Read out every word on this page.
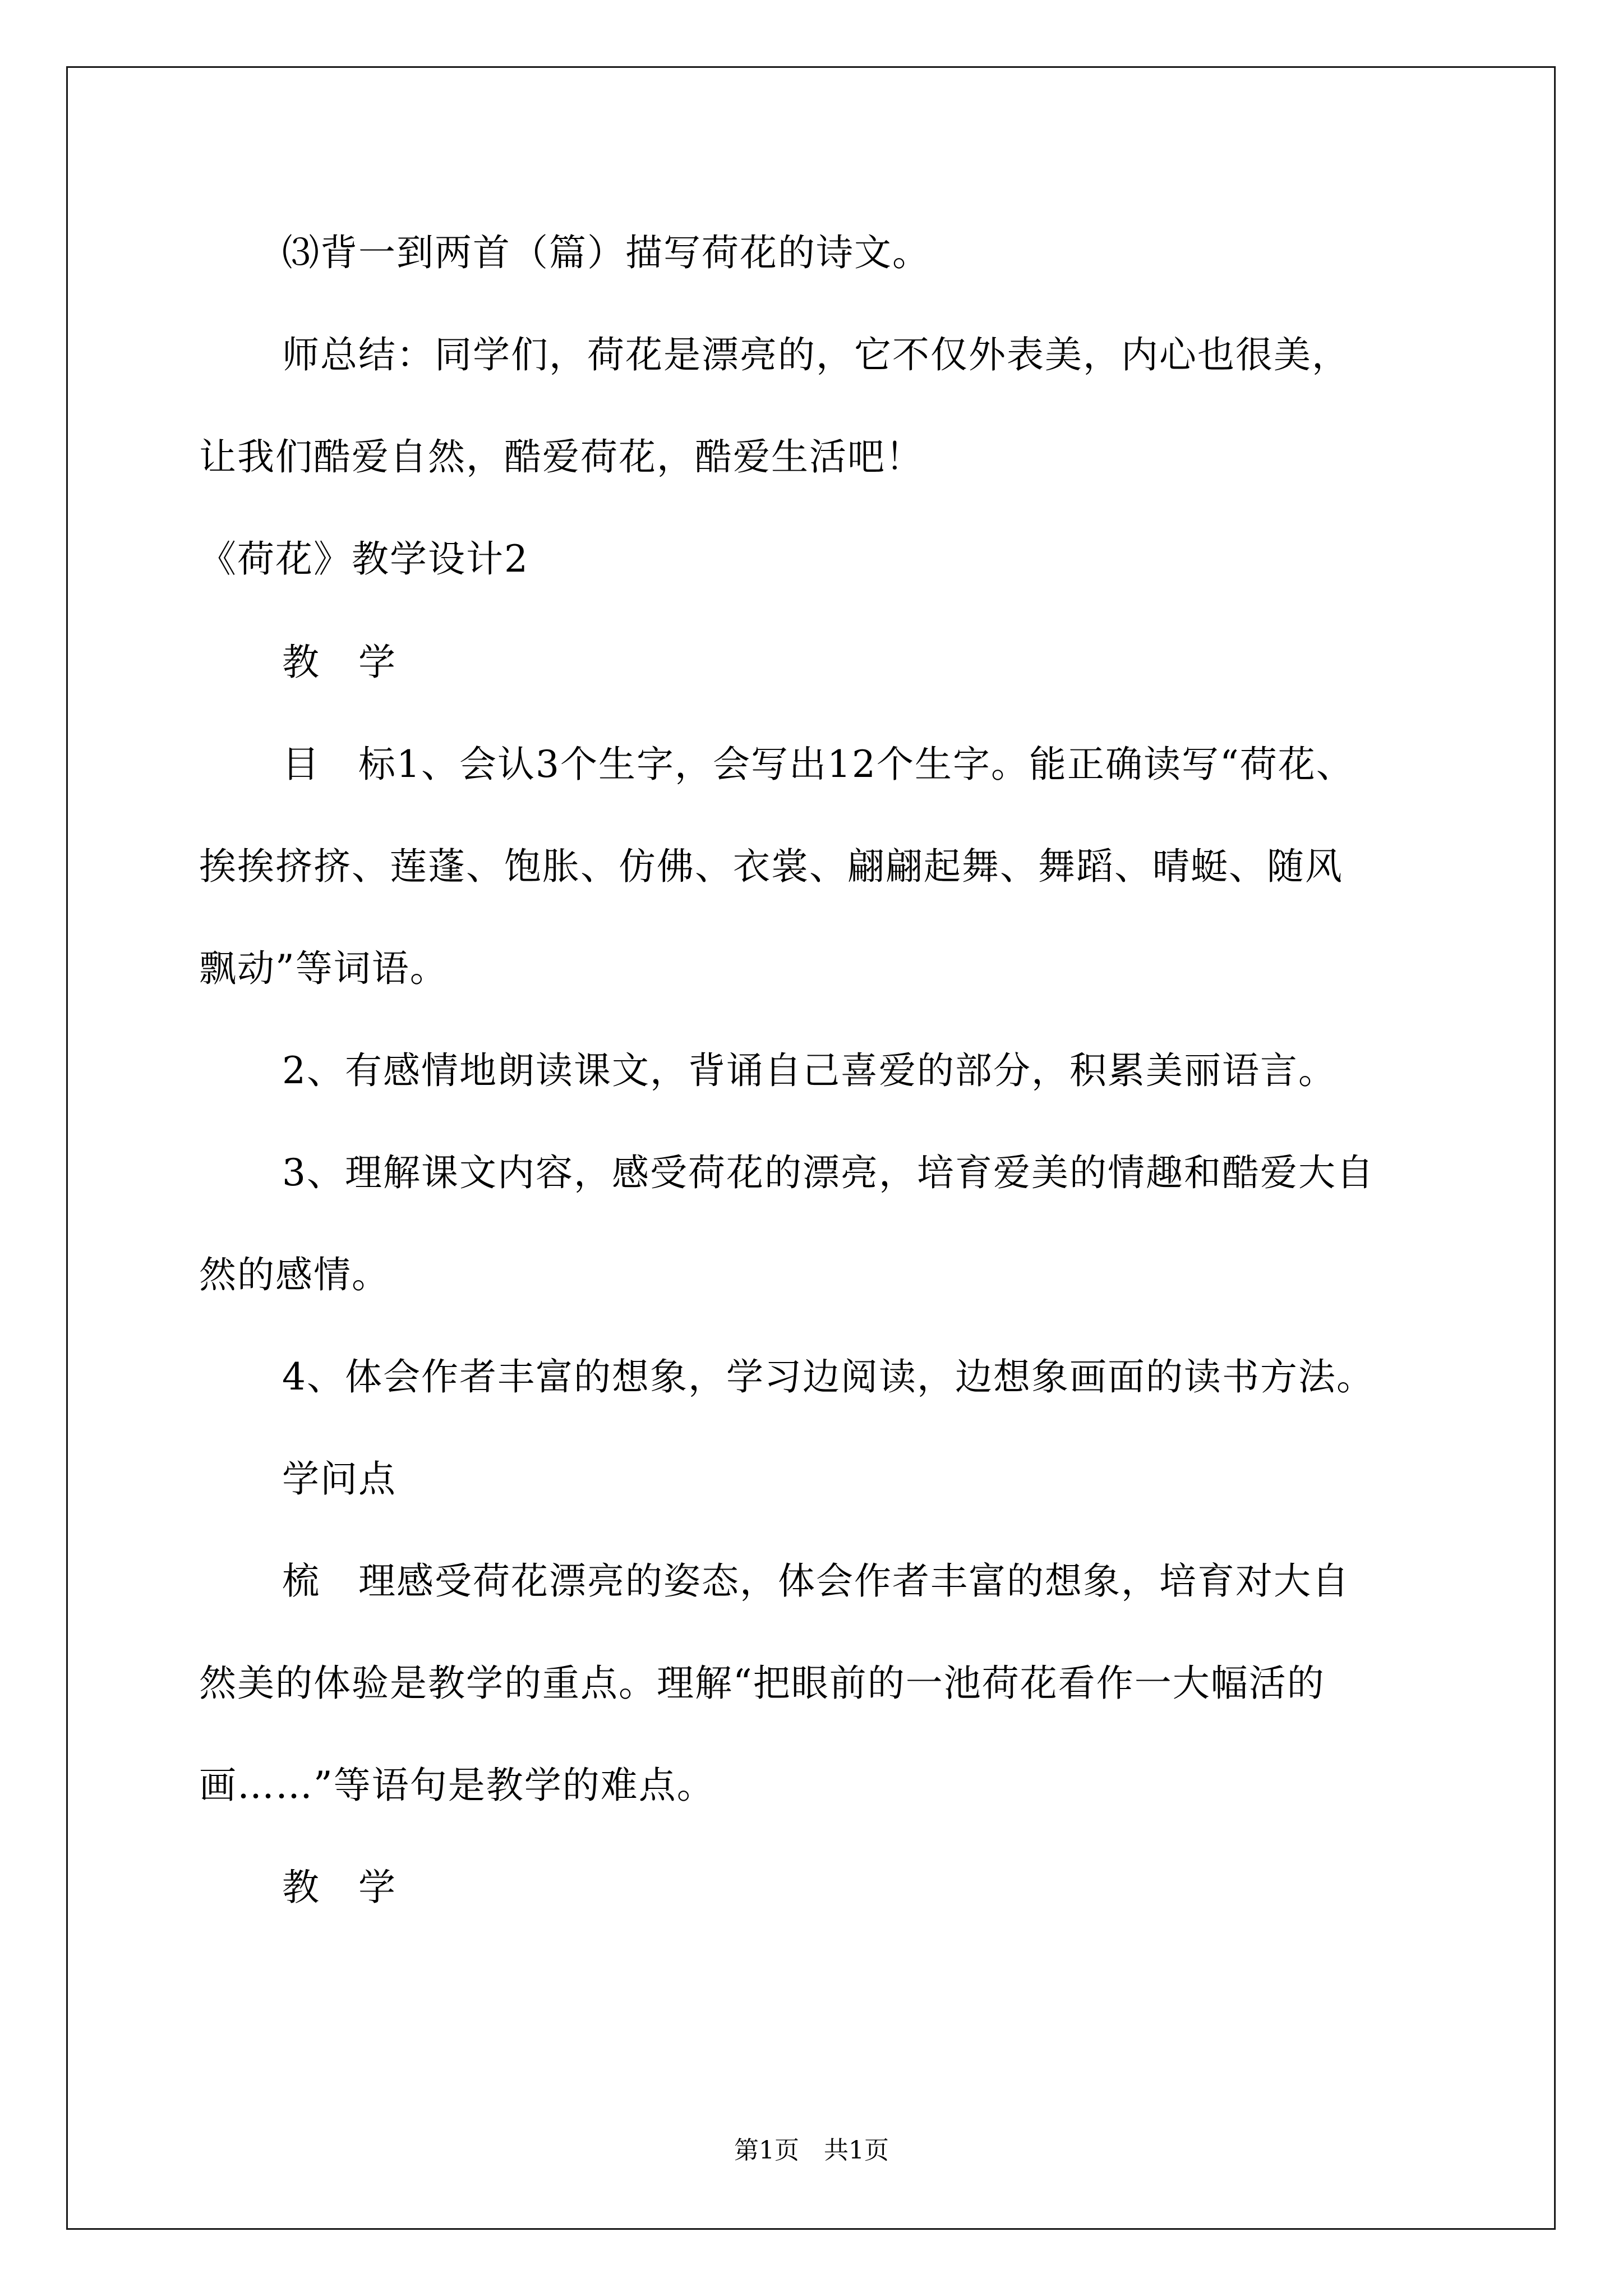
⑶背一到两首（篇）描写荷花的诗文。
师总结：同学们，荷花是漂亮的，它不仅外表美，内心也很美，
让我们酷爱自然，酷爱荷花，酷爱生活吧！
《荷花》教学设计2
教　学
目　标1、会认3个生字，会写出12个生字。能正确读写“荷花、
挨挨挤挤、莲蓬、饱胀、仿佛、衣裳、翩翩起舞、舞蹈、晴蜓、随风
飘动”等词语。
2、有感情地朗读课文，背诵自己喜爱的部分，积累美丽语言。
3、理解课文内容，感受荷花的漂亮，培育爱美的情趣和酷爱大自
然的感情。
4、体会作者丰富的想象，学习边阅读，边想象画面的读书方法。
学问点
梳　理感受荷花漂亮的姿态，体会作者丰富的想象，培育对大自
然美的体验是教学的重点。理解“把眼前的一池荷花看作一大幅活的
画……”等语句是教学的难点。
教　学
第1页　共1页
